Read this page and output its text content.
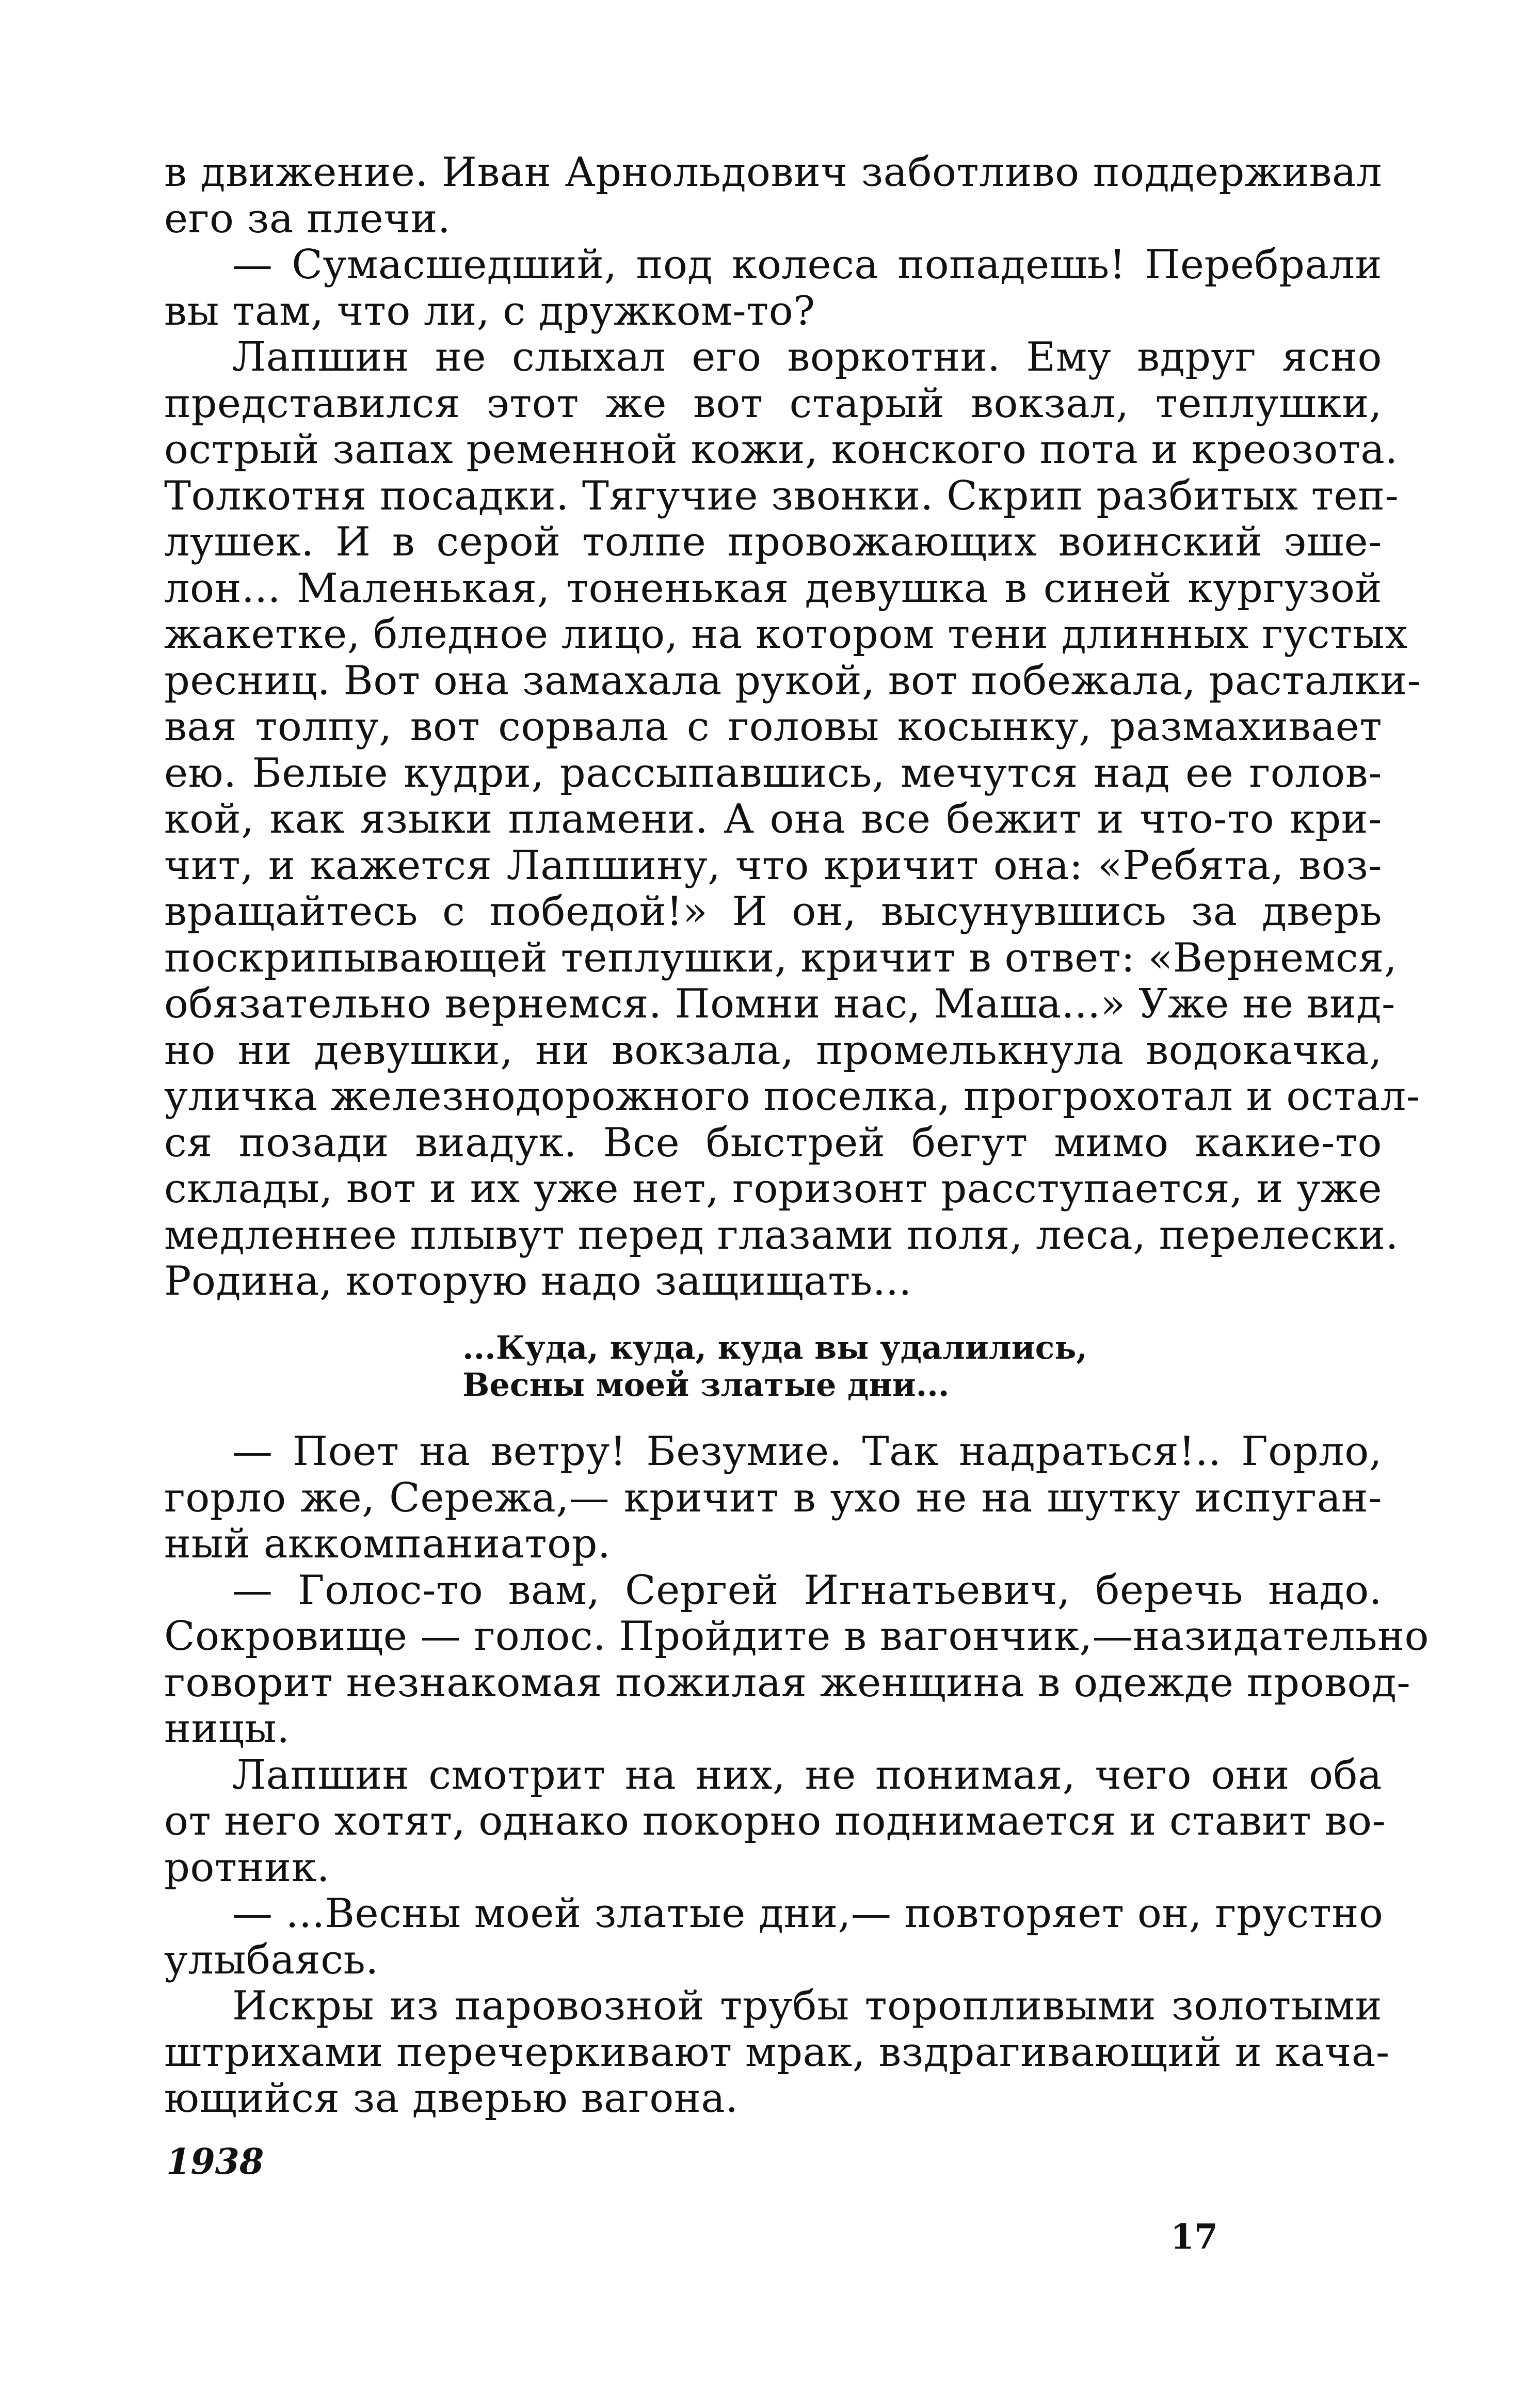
в движение. Иван Арнольдович заботливо поддерживал
его за плечи.
— Сумасшедший, под колеса попадешь! Перебрали
вы там, что ли, с дружком-то?
Лапшин не слыхал его воркотни. Ему вдруг ясно
представился этот же вот старый вокзал, теплушки,
острый запах ременной кожи, конского пота и креозота.
Толкотня посадки. Тягучие звонки. Скрип разбитых теп-
лушек. И в серой толпе провожающих воинский эше-
лон... Маленькая, тоненькая девушка в синей кургузой
жакетке, бледное лицо, на котором тени длинных густых
ресниц. Вот она замахала рукой, вот побежала, расталки-
вая толпу, вот сорвала с головы косынку, размахивает
ею. Белые кудри, рассыпавшись, мечутся над ее голов-
кой, как языки пламени. А она все бежит и что-то кри-
чит, и кажется Лапшину, что кричит она: «Ребята, воз-
вращайтесь с победой!» И он, высунувшись за дверь
поскрипывающей теплушки, кричит в ответ: «Вернемся,
обязательно вернемся. Помни нас, Маша...» Уже не вид-
но ни девушки, ни вокзала, промелькнула водокачка,
уличка железнодорожного поселка, прогрохотал и остал-
ся позади виадук. Все быстрей бегут мимо какие-то
склады, вот и их уже нет, горизонт расступается, и уже
медленнее плывут перед глазами поля, леса, перелески.
Родина, которую надо защищать...
...Куда, куда, куда вы удалились,
Весны моей златые дни...
— Поет на ветру! Безумие. Так надраться!.. Горло,
горло же, Сережа,— кричит в ухо не на шутку испуган-
ный аккомпаниатор.
— Голос-то вам, Сергей Игнатьевич, беречь надо.
Сокровище — голос. Пройдите в вагончик,—назидательно
говорит незнакомая пожилая женщина в одежде провод-
ницы.
Лапшин смотрит на них, не понимая, чего они оба
от него хотят, однако покорно поднимается и ставит во-
ротник.
— ...Весны моей златые дни,— повторяет он, грустно
улыбаясь.
Искры из паровозной трубы торопливыми золотыми
штрихами перечеркивают мрак, вздрагивающий и кача-
ющийся за дверью вагона.
1938
17
